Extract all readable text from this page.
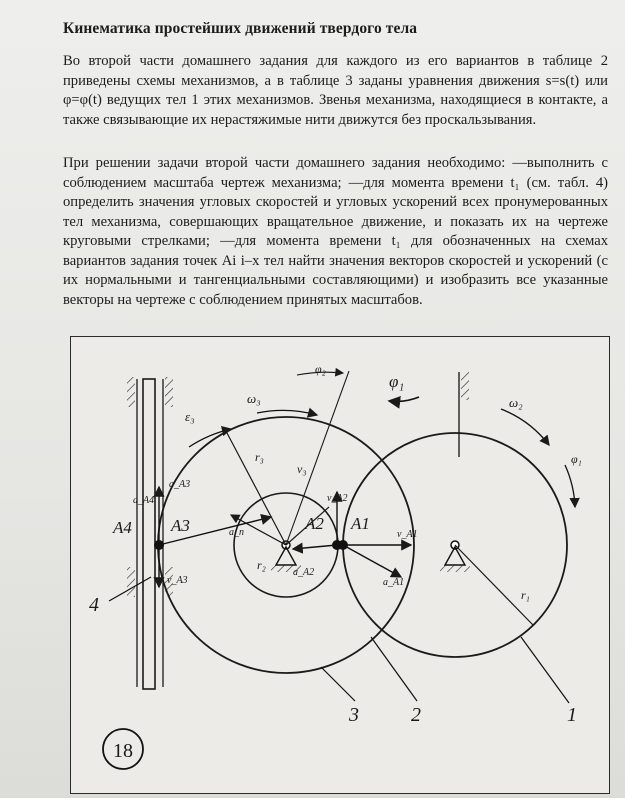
Кинематика простейших движений твердого тела
Во второй части домашнего задания для каждого из его вариантов в таблице 2 приведены схемы механизмов, а в таблице 3 заданы уравнения движения s=s(t) или φ=φ(t) ведущих тел 1 этих механизмов. Звенья механизма, находящиеся в контакте, а также связывающие их нерастяжимые нити движутся без проскальзывания.
При решении задачи второй части домашнего задания необходимо: —выполнить с соблюдением масштаба чертеж механизма; —для момента времени t₁ (см. табл. 4) определить значения угловых скоростей и угловых ускорений всех пронумерованных тел механизма, совершающих вращательное движение, и показать их на чертеже круговыми стрелками; —для момента времени t₁ для обозначенных на схемах вариантов задания точек Ai i–х тел найти значения векторов скоростей и ускорений (с их нормальными и тангенциальными составляющими) и изобразить все указанные векторы на чертеже с соблюдением принятых масштабов.
A4 A3	A2 A1
4
3	2	1
φ₂
φ₁
φ₁
ω₃	ω₂
ε₃
r₃
r₂
r₁
v₃
a_A4
a_A3
v_A3
a_A2
v_A2
a_A1
v_A1
a_n
18
